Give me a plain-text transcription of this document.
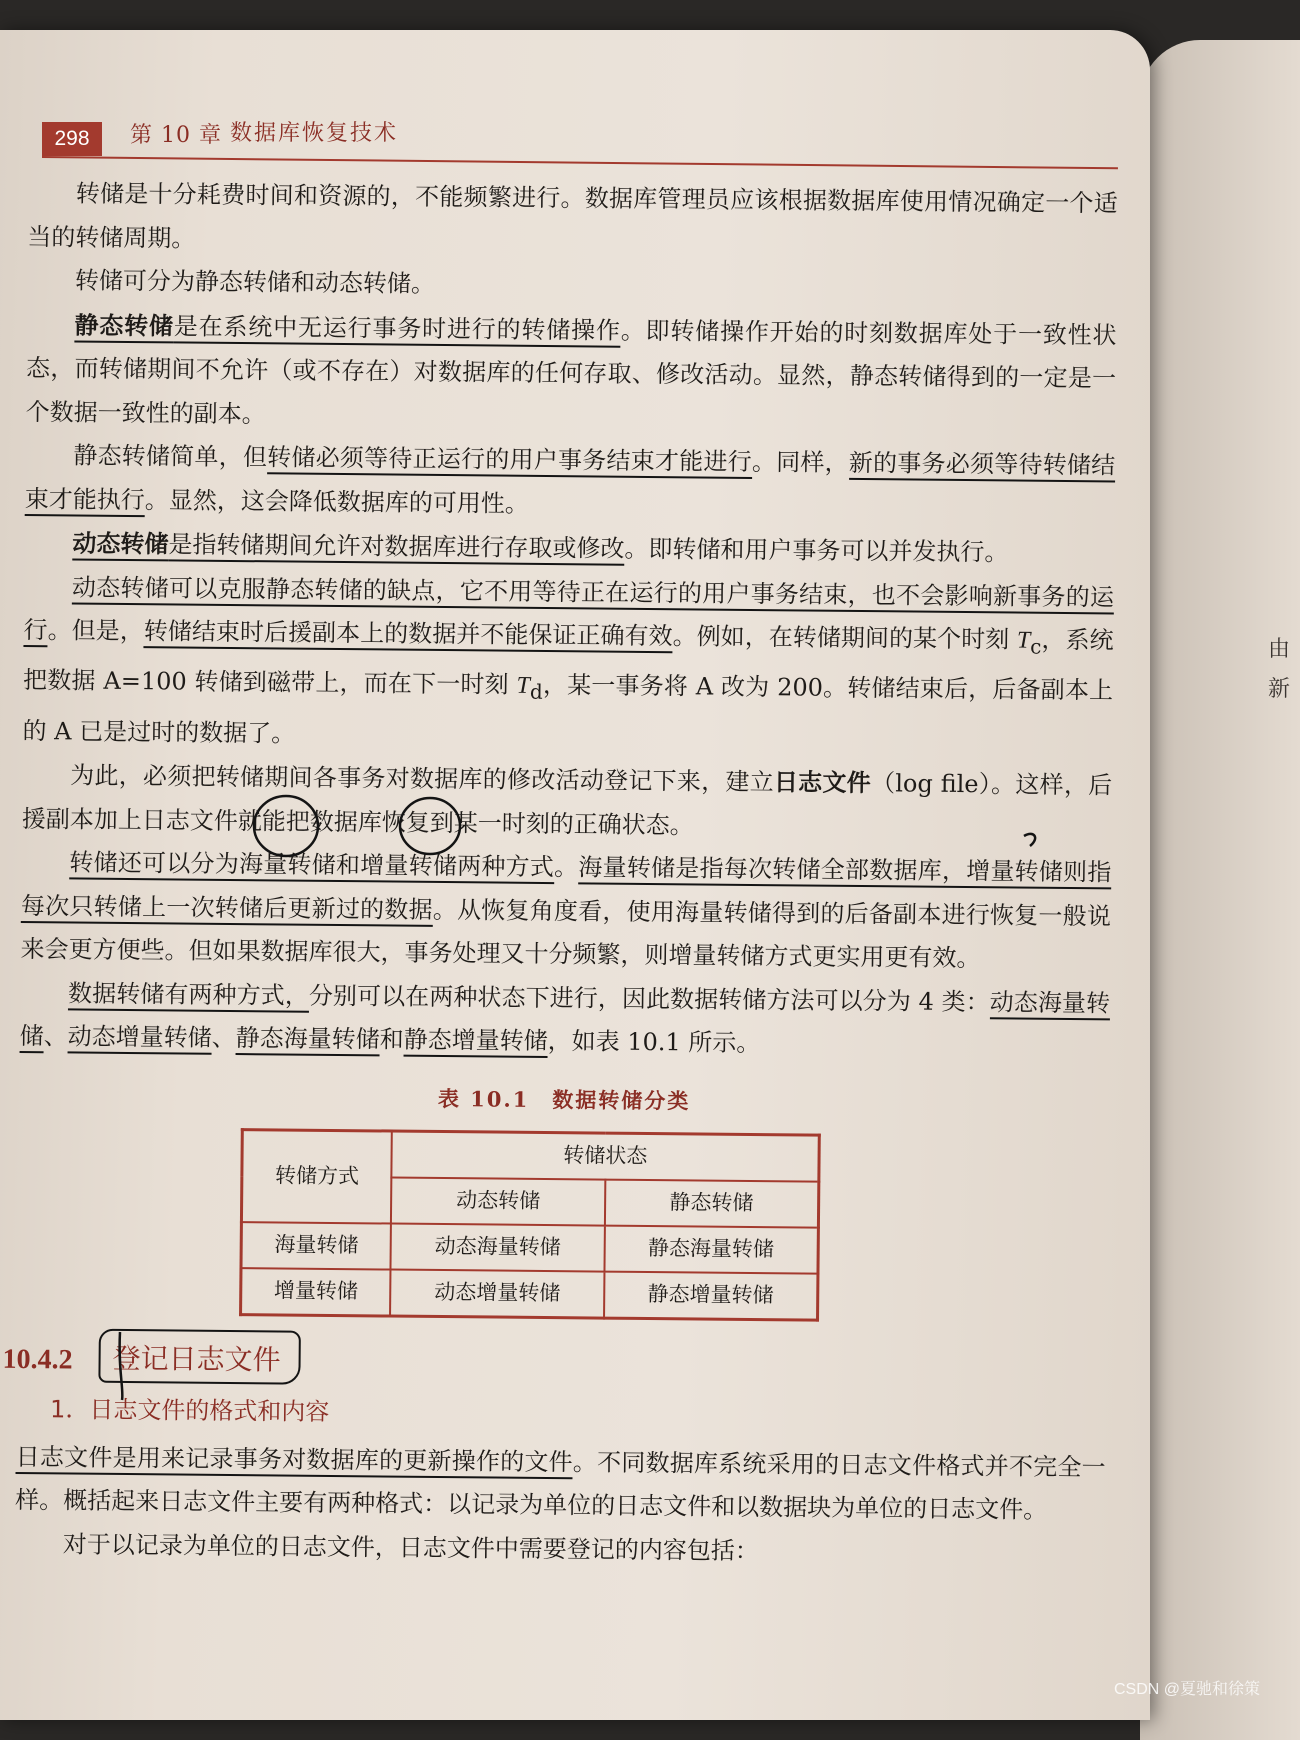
由
新
298	第 10 章 数据库恢复技术

转储是十分耗费时间和资源的，不能频繁进行。数据库管理员应该根据数据库使用情况确定一个适当的转储周期。

转储可分为静态转储和动态转储。

静态转储是在系统中无运行事务时进行的转储操作。即转储操作开始的时刻数据库处于一致性状态，而转储期间不允许（或不存在）对数据库的任何存取、修改活动。显然，静态转储得到的一定是一个数据一致性的副本。

静态转储简单，但转储必须等待正运行的用户事务结束才能进行。同样，新的事务必须等待转储结束才能执行。显然，这会降低数据库的可用性。

动态转储是指转储期间允许对数据库进行存取或修改。即转储和用户事务可以并发执行。

动态转储可以克服静态转储的缺点，它不用等待正在运行的用户事务结束，也不会影响新事务的运行。但是，转储结束时后援副本上的数据并不能保证正确有效。例如，在转储期间的某个时刻 $T_c$，系统把数据 A=100 转储到磁带上，而在下一时刻 $T_d$，某一事务将 A 改为 200。转储结束后，后备副本上的 A 已是过时的数据了。

为此，必须把转储期间各事务对数据库的修改活动登记下来，建立日志文件（log file）。这样，后援副本加上日志文件就能把数据库恢复到某一时刻的正确状态。

转储还可以分为海量转储和增量转储两种方式。海量转储是指每次转储全部数据库，增量转储则指每次只转储上一次转储后更新过的数据。从恢复角度看，使用海量转储得到的后备副本进行恢复一般说来会更方便些。但如果数据库很大，事务处理又十分频繁，则增量转储方式更实用更有效。

数据转储有两种方式，分别可以在两种状态下进行，因此数据转储方法可以分为 4 类：动态海量转储、动态增量转储、静态海量转储和静态增量转储，如表 10.1 所示。

表 10.1　数据转储分类
转储方式	转储状态	
	动态转储	静态转储
海量转储	动态海量转储	静态海量转储
增量转储	动态增量转储	静态增量转储
10.4.2 登记日志文件
1．日志文件的格式和内容

日志文件是用来记录事务对数据库的更新操作的文件。不同数据库系统采用的日志文件格式并不完全一样。概括起来日志文件主要有两种格式：以记录为单位的日志文件和以数据块为单位的日志文件。

对于以记录为单位的日志文件，日志文件中需要登记的内容包括：

CSDN @夏驰和徐策
